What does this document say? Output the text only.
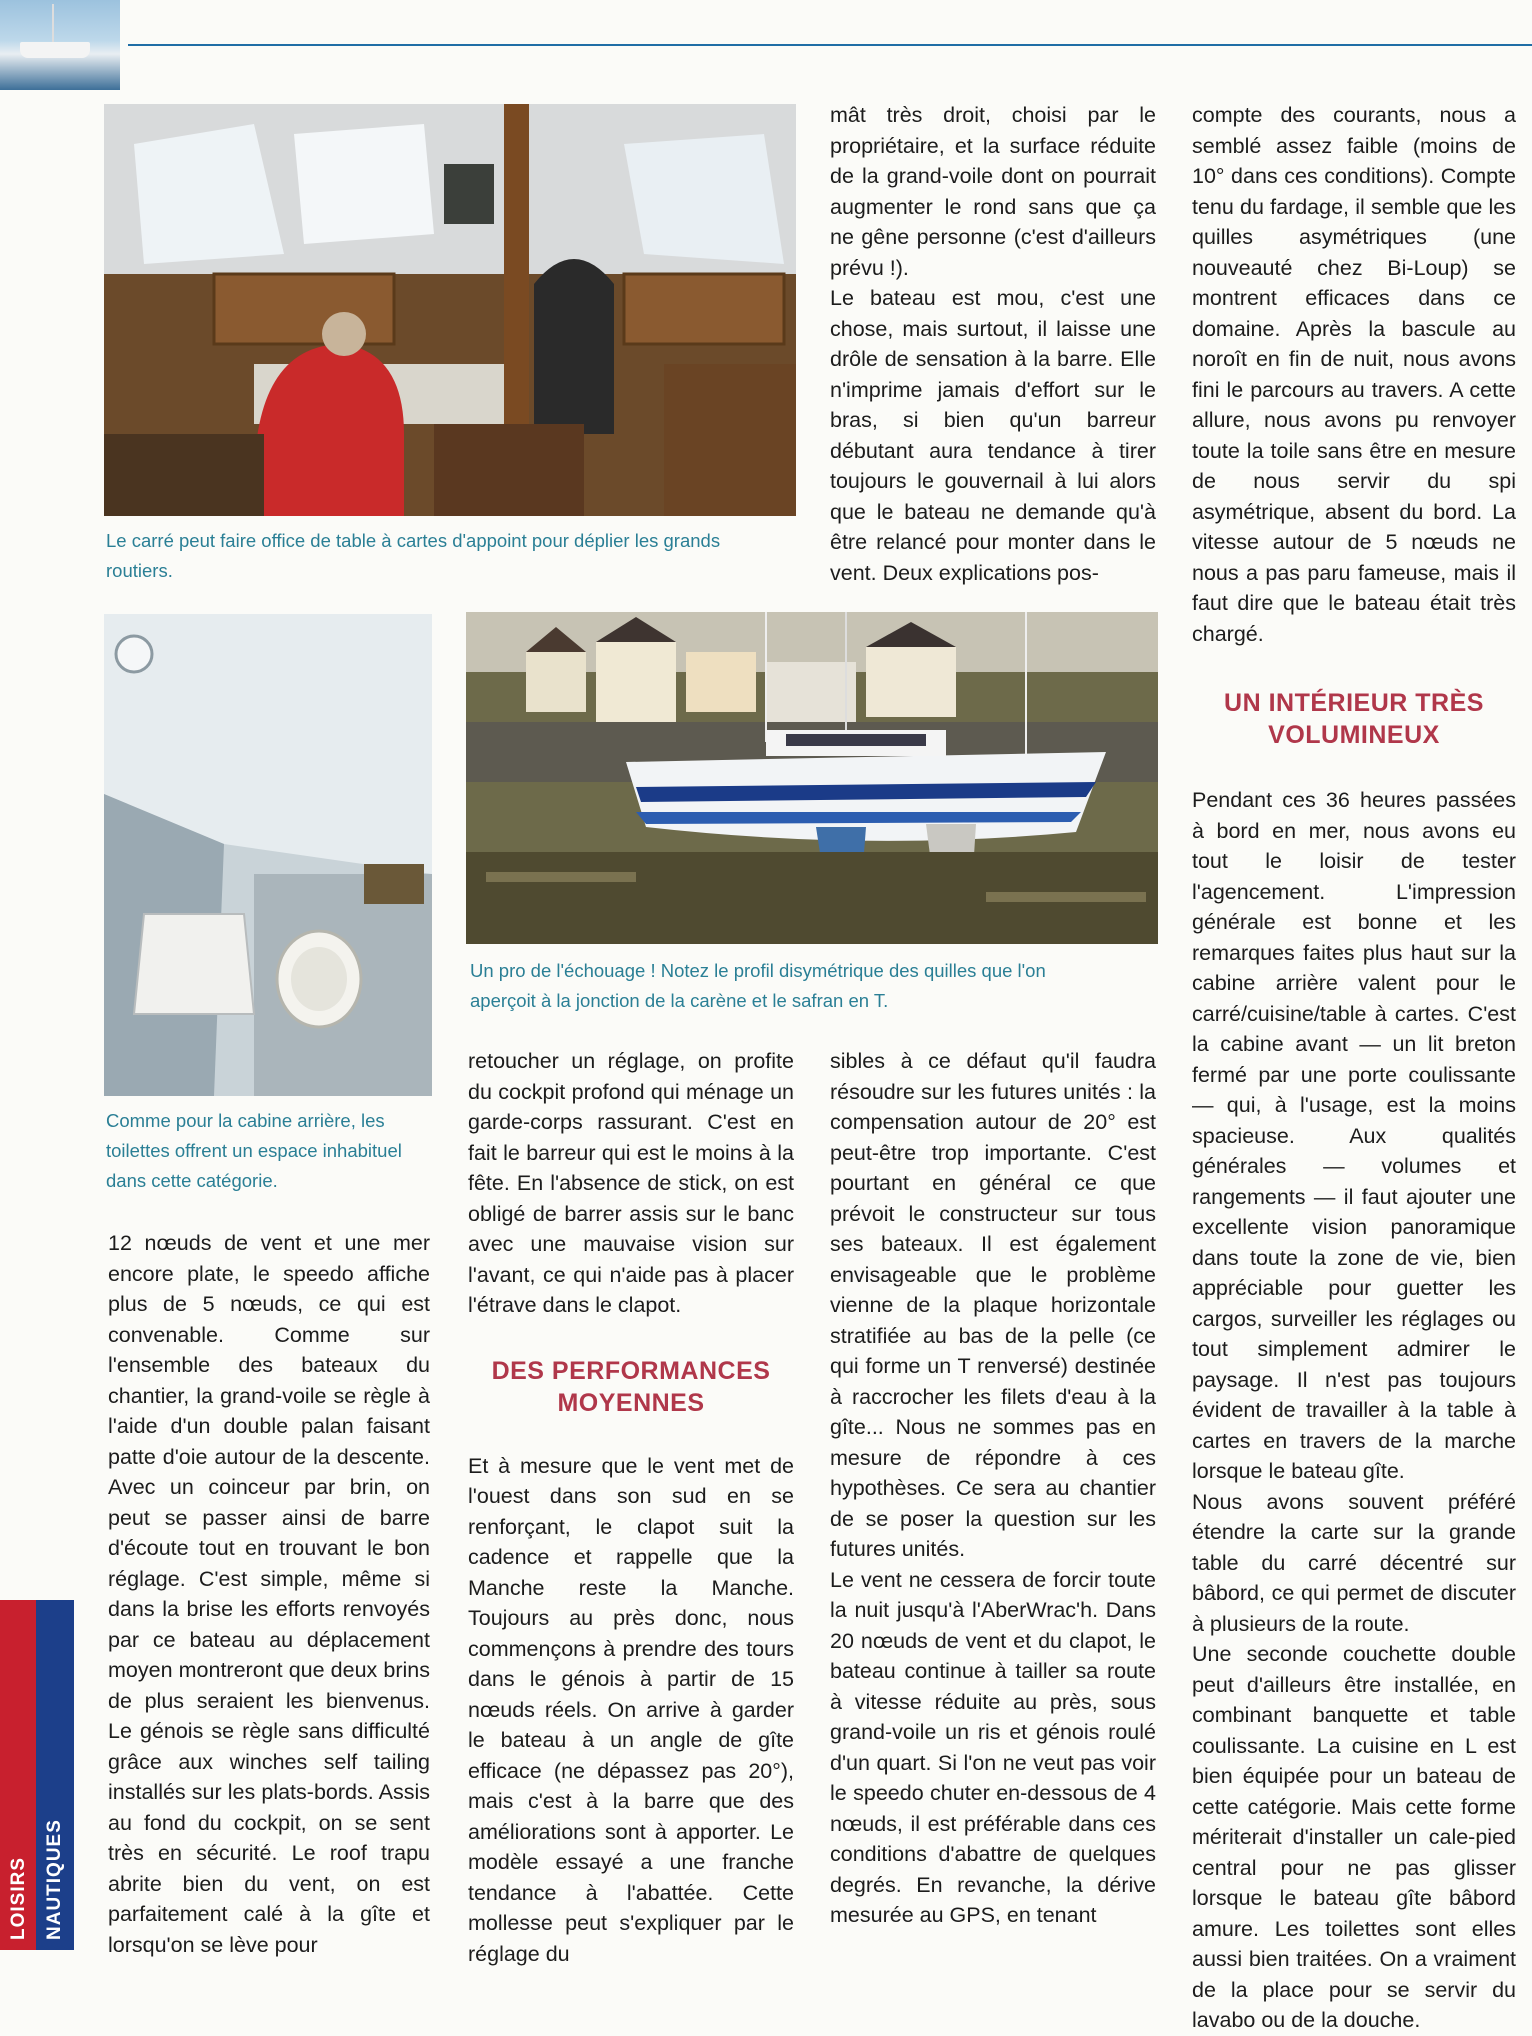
Le carré peut faire office de table à cartes d'appoint pour déplier les grands routiers.
Comme pour la cabine arrière, les toilettes offrent un espace inhabituel dans cette catégorie.
Un pro de l'échouage ! Notez le profil disymétrique des quilles que l'on aperçoit à la jonction de la carène et le safran en T.

mât très droit, choisi par le propriétaire, et la surface réduite de la grand-voile dont on pourrait augmenter le rond sans que ça ne gêne personne (c'est d'ailleurs prévu !).

Le bateau est mou, c'est une chose, mais surtout, il laisse une drôle de sensation à la barre. Elle n'imprime jamais d'effort sur le bras, si bien qu'un barreur débutant aura tendance à tirer toujours le gouvernail à lui alors que le bateau ne demande qu'à être relancé pour monter dans le vent. Deux explications pos-

compte des courants, nous a semblé assez faible (moins de 10° dans ces conditions). Compte tenu du fardage, il semble que les quilles asymétriques (une nouveauté chez Bi-Loup) se montrent efficaces dans ce domaine. Après la bascule au noroît en fin de nuit, nous avons fini le parcours au travers. A cette allure, nous avons pu renvoyer toute la toile sans être en mesure de nous servir du spi asymétrique, absent du bord. La vitesse autour de 5 nœuds ne nous a pas paru fameuse, mais il faut dire que le bateau était très chargé.

UN INTÉRIEUR TRÈS VOLUMINEUX

Pendant ces 36 heures passées à bord en mer, nous avons eu tout le loisir de tester l'agencement. L'impression générale est bonne et les remarques faites plus haut sur la cabine arrière valent pour le carré/cuisine/table à cartes. C'est la cabine avant — un lit breton fermé par une porte coulissante — qui, à l'usage, est la moins spacieuse. Aux qualités générales — volumes et rangements — il faut ajouter une excellente vision panoramique dans toute la zone de vie, bien appréciable pour guetter les cargos, surveiller les réglages ou tout simplement admirer le paysage. Il n'est pas toujours évident de travailler à la table à cartes en travers de la marche lorsque le bateau gîte.

Nous avons souvent préféré étendre la carte sur la grande table du carré décentré sur bâbord, ce qui permet de discuter à plusieurs de la route.

Une seconde couchette double peut d'ailleurs être installée, en combinant banquette et table coulissante. La cuisine en L est bien équipée pour un bateau de cette catégorie. Mais cette forme mériterait d'installer un cale-pied central pour ne pas glisser lorsque le bateau gîte bâbord amure. Les toilettes sont elles aussi bien traitées. On a vraiment de la place pour se servir du lavabo ou de la douche.

12 nœuds de vent et une mer encore plate, le speedo affiche plus de 5 nœuds, ce qui est convenable. Comme sur l'ensemble des bateaux du chantier, la grand-voile se règle à l'aide d'un double palan faisant patte d'oie autour de la descente. Avec un coinceur par brin, on peut se passer ainsi de barre d'écoute tout en trouvant le bon réglage. C'est simple, même si dans la brise les efforts renvoyés par ce bateau au déplacement moyen montreront que deux brins de plus seraient les bienvenus. Le génois se règle sans difficulté grâce aux winches self tailing installés sur les plats-bords. Assis au fond du cockpit, on se sent très en sécurité. Le roof trapu abrite bien du vent, on est parfaitement calé à la gîte et lorsqu'on se lève pour

retoucher un réglage, on profite du cockpit profond qui ménage un garde-corps rassurant. C'est en fait le barreur qui est le moins à la fête. En l'absence de stick, on est obligé de barrer assis sur le banc avec une mauvaise vision sur l'avant, ce qui n'aide pas à placer l'étrave dans le clapot.

DES PERFORMANCES MOYENNES

Et à mesure que le vent met de l'ouest dans son sud en se renforçant, le clapot suit la cadence et rappelle que la Manche reste la Manche. Toujours au près donc, nous commençons à prendre des tours dans le génois à partir de 15 nœuds réels. On arrive à garder le bateau à un angle de gîte efficace (ne dépassez pas 20°), mais c'est à la barre que des améliorations sont à apporter. Le modèle essayé a une franche tendance à l'abattée. Cette mollesse peut s'expliquer par le réglage du

sibles à ce défaut qu'il faudra résoudre sur les futures unités : la compensation autour de 20° est peut-être trop importante. C'est pourtant en général ce que prévoit le constructeur sur tous ses bateaux. Il est également envisageable que le problème vienne de la plaque horizontale stratifiée au bas de la pelle (ce qui forme un T renversé) destinée à raccrocher les filets d'eau à la gîte... Nous ne sommes pas en mesure de répondre à ces hypothèses. Ce sera au chantier de se poser la question sur les futures unités.

Le vent ne cessera de forcir toute la nuit jusqu'à l'AberWrac'h. Dans 20 nœuds de vent et du clapot, le bateau continue à tailler sa route à vitesse réduite au près, sous grand-voile un ris et génois roulé d'un quart. Si l'on ne veut pas voir le speedo chuter en-dessous de 4 nœuds, il est préférable dans ces conditions d'abattre de quelques degrés. En revanche, la dérive mesurée au GPS, en tenant

LOISIRS NAUTIQUES
